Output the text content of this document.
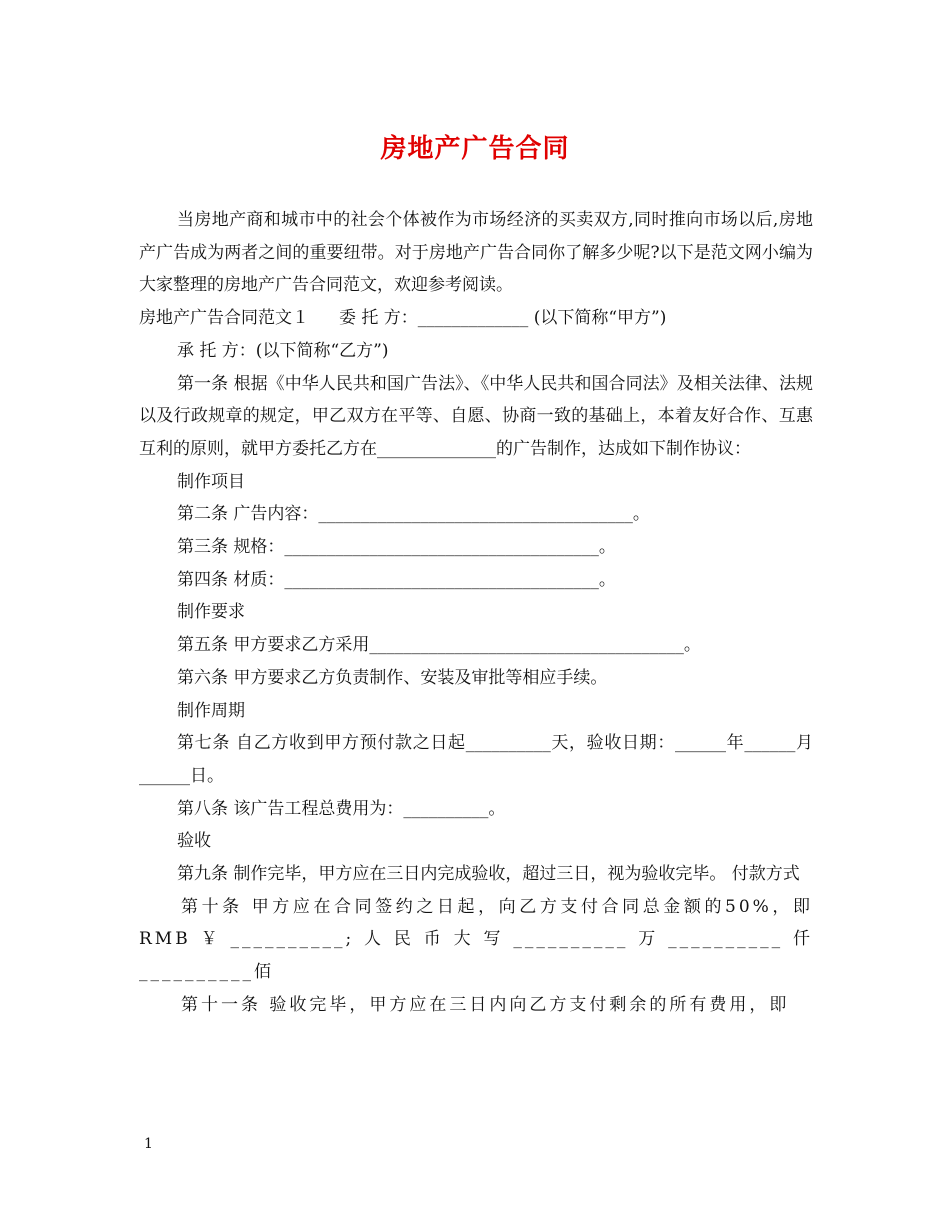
房地产广告合同

当房地产商和城市中的社会个体被作为市场经济的买卖双方,同时推向市场以后,房地产广告成为两者之间的重要纽带。对于房地产广告合同你了解多少呢?以下是范文网小编为大家整理的房地产广告合同范文，欢迎参考阅读。

房地产广告合同范文１ 委 托 方：_____________ (以下简称“甲方”)

承 托 方：(以下简称“乙方”)

第一条 根据《中华人民共和国广告法》、《中华人民共和国合同法》及相关法律、法规以及行政规章的规定，甲乙双方在平等、自愿、协商一致的基础上，本着友好合作、互惠互利的原则，就甲方委托乙方在______________的广告制作，达成如下制作协议：

制作项目

第二条 广告内容：_____________________________________。

第三条 规格：_____________________________________。

第四条 材质：_____________________________________。

制作要求

第五条 甲方要求乙方采用_____________________________________。

第六条 甲方要求乙方负责制作、安装及审批等相应手续。

制作周期

第七条 自乙方收到甲方预付款之日起__________天，验收日期：______年______月______日。

第八条 该广告工程总费用为：__________。

验收

第九条 制作完毕，甲方应在三日内完成验收，超过三日，视为验收完毕。 付款方式

第十条 甲方应在合同签约之日起，向乙方支付合同总金额的50%，即RMB￥__________;人民币大写__________万__________仟__________佰

第十一条 验收完毕，甲方应在三日内向乙方支付剩余的所有费用，即

1
